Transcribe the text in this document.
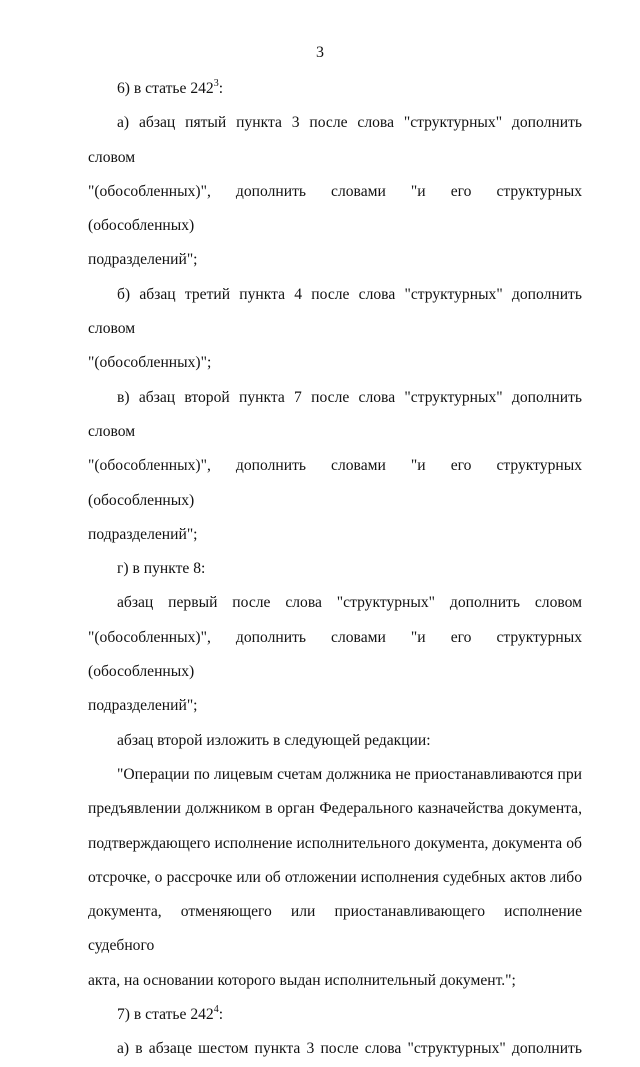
3

6) в статье $242^3$:

а) абзац пятый пункта 3 после слова "структурных" дополнить словом

"(обособленных)", дополнить словами "и его структурных (обособленных)

подразделений";

б) абзац третий пункта 4 после слова "структурных" дополнить словом

"(обособленных)";

в) абзац второй пункта 7 после слова "структурных" дополнить словом

"(обособленных)", дополнить словами "и его структурных (обособленных)

подразделений";

г) в пункте 8:

абзац первый после слова "структурных" дополнить словом

"(обособленных)", дополнить словами "и его структурных (обособленных)

подразделений";

абзац второй изложить в следующей редакции:

"Операции по лицевым счетам должника не приостанавливаются при

предъявлении должником в орган Федерального казначейства документа,

подтверждающего исполнение исполнительного документа, документа об

отсрочке, о рассрочке или об отложении исполнения судебных актов либо

документа, отменяющего или приостанавливающего исполнение судебного

акта, на основании которого выдан исполнительный документ.";

7) в статье $242^4$:

а) в абзаце шестом пункта 3 после слова "структурных" дополнить
